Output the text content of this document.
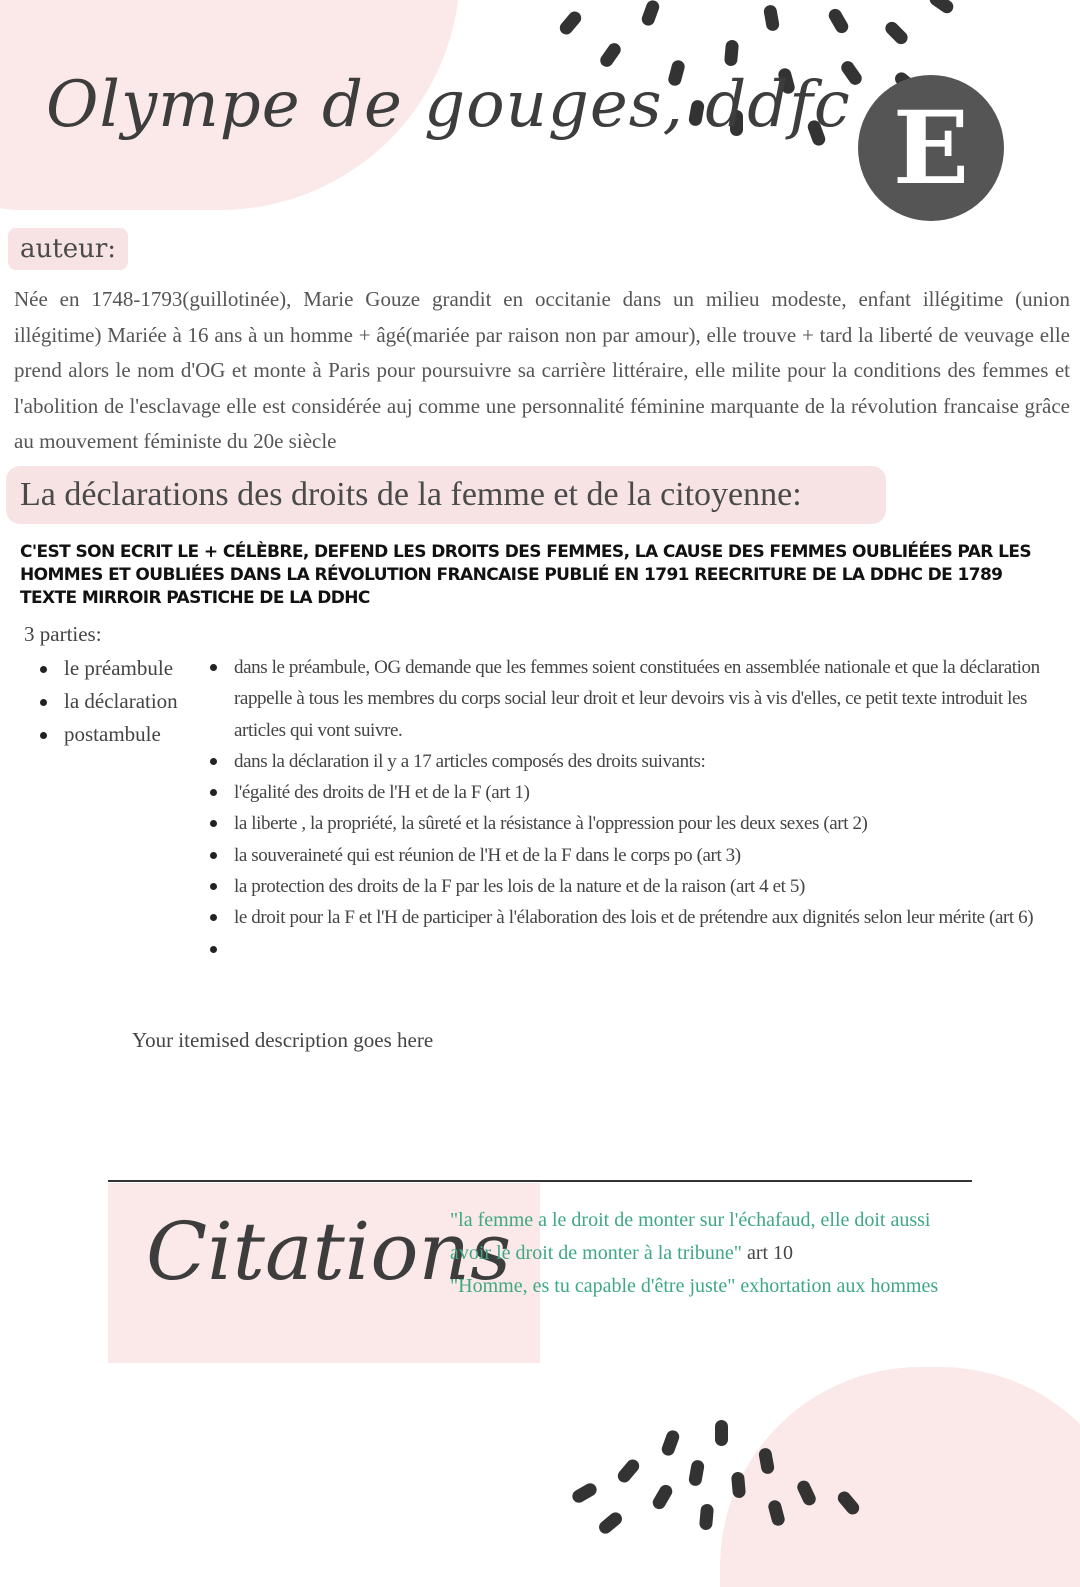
Olympe de gouges, ddfc E
auteur:

Née en 1748-1793(guillotinée), Marie Gouze grandit en occitanie dans un milieu modeste, enfant illégitime (union illégitime) Mariée à 16 ans à un homme + âgé(mariée par raison non par amour), elle trouve + tard la liberté de veuvage elle prend alors le nom d'OG et monte à Paris pour poursuivre sa carrière littéraire, elle milite pour la conditions des femmes et l'abolition de l'esclavage elle est considérée auj comme une personnalité féminine marquante de la révolution francaise grâce au mouvement féministe du 20e siècle

La déclarations des droits de la femme et de la citoyenne:

C'EST SON ECRIT LE + CÉLÈBRE, DEFEND LES DROITS DES FEMMES, LA CAUSE DES FEMMES OUBLIÉÉES PAR LES HOMMES ET OUBLIÉES DANS LA RÉVOLUTION FRANCAISE PUBLIÉ EN 1791 REECRITURE DE LA DDHC DE 1789 TEXTE MIRROIR PASTICHE DE LA DDHC

3 parties:
le préambule
la déclaration
postambule
dans le préambule, OG demande que les femmes soient constituées en assemblée nationale et que la déclaration rappelle à tous les membres du corps social leur droit et leur devoirs vis à vis d'elles, ce petit texte introduit les articles qui vont suivre.
dans la déclaration il y a 17 articles composés des droits suivants:
l'égalité des droits de l'H et de la F (art 1)
la liberte , la propriété, la sûreté et la résistance à l'oppression pour les deux sexes (art 2)
la souveraineté qui est réunion de l'H et de la F dans le corps po (art 3)
la protection des droits de la F par les lois de la nature et de la raison (art 4 et 5)
le droit pour la F et l'H de participer à l'élaboration des lois et de prétendre aux dignités selon leur mérite (art 6)
Your itemised description goes here
Citations
"la femme a le droit de monter sur l'échafaud, elle doit aussi avoir le droit de monter à la tribune" art 10
"Homme, es tu capable d'être juste" exhortation aux hommes
